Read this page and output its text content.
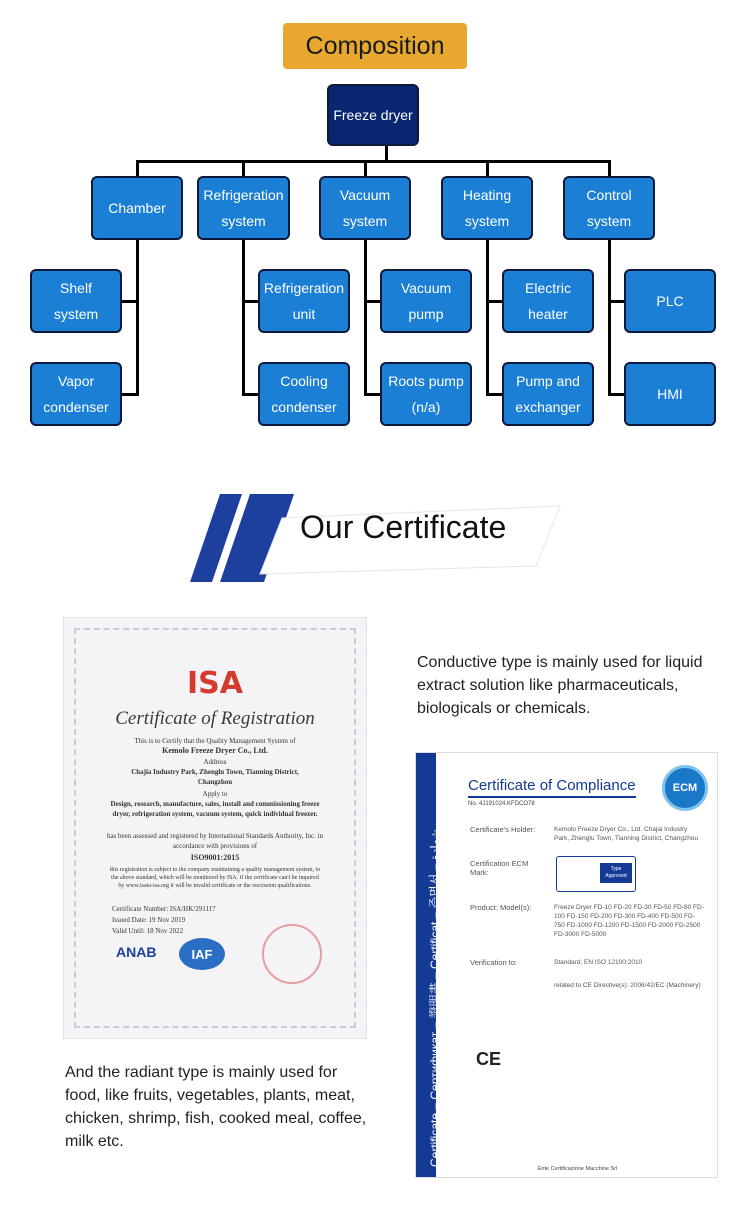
Composition
Freeze dryer
Chamber
Refrigeration system
Vacuum system
Heating system
Control system
Shelf system
Refrigeration unit
Vacuum pump
Electric heater
PLC
Vapor condenser
Cooling condenser
Roots pump (n/a)
Pump and exchanger
HMI
Our Certificate
ISA
Certificate of Registration
This is to Certify that the Quality Management System of
Kemolo Freeze Dryer Co., Ltd.
Address
Chajia Industry Park, Zhenglu Town, Tianning District, Changzhou
Apply to
Design, research, manufacture, sales, install and commissioning freeze dryer, refrigeration system, vacuum system, quick individual freezer.
has been assessed and registered by International Standards Authority, Inc. in accordance with provisions of
ISO9001:2015
this registration is subject to the company maintaining a quality management system, to the above standard, which will be monitored by ISA. if the certificate can't be inquired by www.isaia-isa.org it will be invalid certificate or the rescission qualifications.
Certificate Number: ISA/HK/291117
Issued Date: 19 Nov 2019
Valid Until: 18 Nov 2022
ANAB	IAF
Conductive type is mainly used for liquid extract solution like pharmaceuticals, biologicals or chemicals.
And the radiant type is mainly used for food, like fruits, vegetables, plants, meat, chicken, shrimp, fish, cooked meal, coffee, milk etc.	Certificate – Сертификат – 證明書 – Certificat – 증명서 – شهادة
Certificate of Compliance
No. 4J191024.KFDCO78
ECM
Certificate's Holder:	Kemolo Freeze Dryer Co., Ltd. Chajia Industry Park, Zhenglu Town, Tianning District, Changzhou
Certification ECM Mark:	Type Approved
Product: Model(s):	Freeze Dryer FD-10 FD-20 FD-30 FD-50 FD-80 FD-100 FD-150 FD-200 FD-300 FD-400 FD-500 FD-750 FD-1000 FD-1200 FD-1500 FD-2000 FD-2500 FD-3000 FD-5000
Verification to:	Standard: EN ISO 12100:2010
related to CE Directive(s): 2006/42/EC (Machinery)
CE
Ente Certificazione Macchine Srl
